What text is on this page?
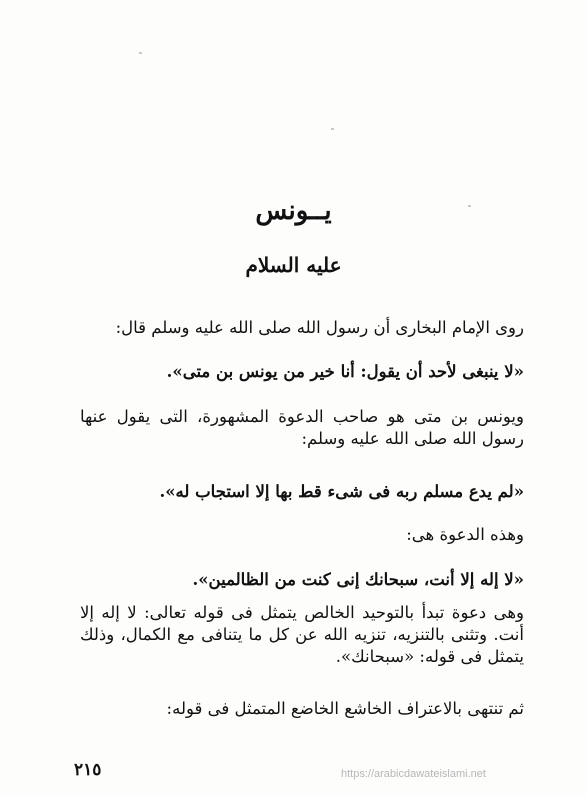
يــونس
عليه السلام

روى الإمام البخارى أن رسول الله صلى الله عليه وسلم قال:

«لا ينبغى لأحد أن يقول: أنا خير من يونس بن متى».

ويونس بن متى هو صاحب الدعوة المشهورة، التى يقول عنها رسول الله صلى الله عليه وسلم:

«لم يدع مسلم ربه فى شىء قط بها إلا استجاب له».

وهذه الدعوة هى:

«لا إله إلا أنت، سبحانك إنى كنت من الظالمين».

وهى دعوة تبدأ بالتوحيد الخالص يتمثل فى قوله تعالى: لا إله إلا أنت. وتثنى بالتنزيه، تنزيه الله عن كل ما يتنافى مع الكمال، وذلك يتمثل فى قوله: «سبحانك».

ثم تنتهى بالاعتراف الخاشع الخاضع المتمثل فى قوله:

٢١٥	https://arabicdawateislami.net
